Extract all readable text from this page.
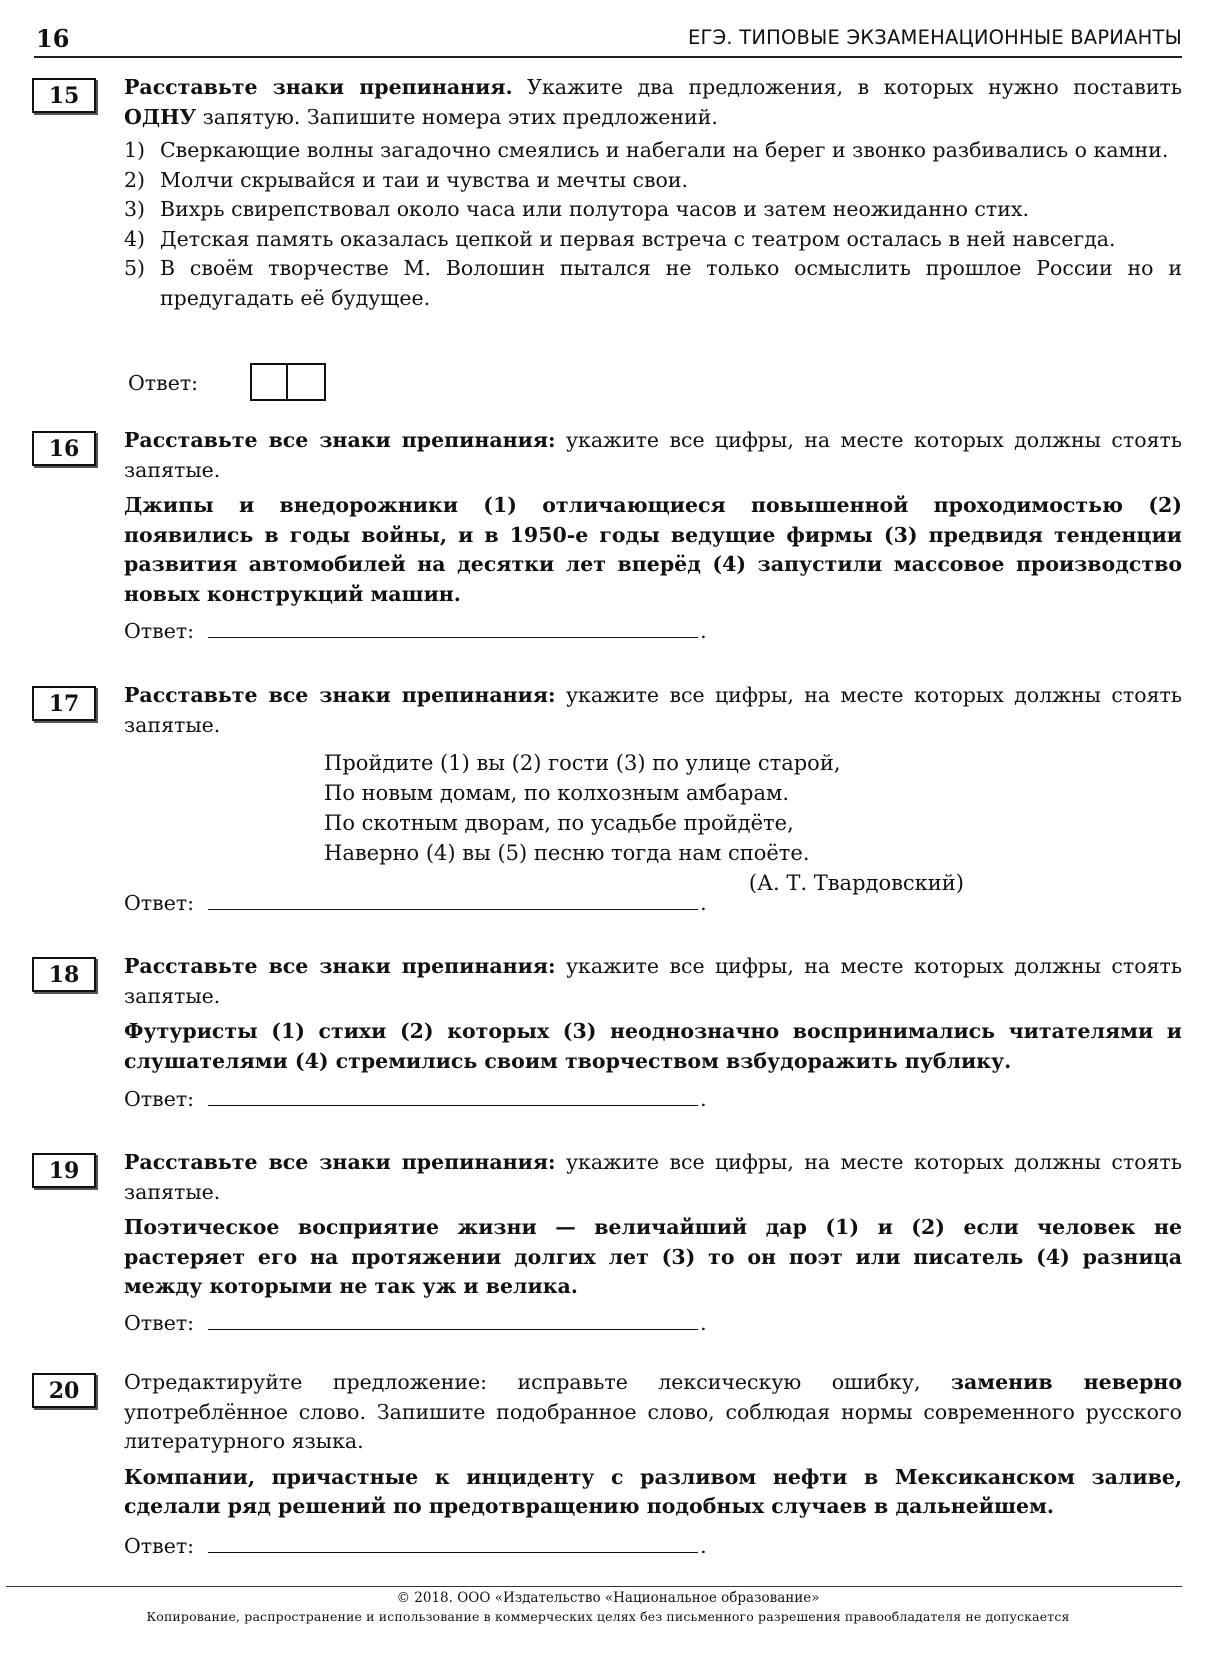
16	ЕГЭ. ТИПОВЫЕ ЭКЗАМЕНАЦИОННЫЕ ВАРИАНТЫ
15	Расставьте знаки препинания. Укажите два предложения, в которых нужно поставить ОДНУ запятую. Запишите номера этих предложений.

1) Сверкающие волны загадочно смеялись и набегали на берег и звонко разбивались о камни.
2) Молчи скрывайся и таи и чувства и мечты свои.
3) Вихрь свирепствовал около часа или полутора часов и затем неожиданно стих.
4) Детская память оказалась цепкой и первая встреча с театром осталась в ней навсегда.
5) В своём творчестве М. Волошин пытался не только осмыслить прошлое России но и предугадать её будущее.
Ответ:
16	Расставьте все знаки препинания: укажите все цифры, на месте которых должны стоять запятые.

Джипы и внедорожники (1) отличающиеся повышенной проходимостью (2) появились в годы войны, и в 1950-е годы ведущие фирмы (3) предвидя тенденции развития автомобилей на десятки лет вперёд (4) запустили массовое производство новых конструкций машин.

Ответ:	.
17	Расставьте все знаки препинания: укажите все цифры, на месте которых должны стоять запятые.

Пройдите (1) вы (2) гости (3) по улице старой,
По новым домам, по колхозным амбарам.
По скотным дворам, по усадьбе пройдёте,
Наверно (4) вы (5) песню тогда нам споёте.
(А. Т. Твардовский)
Ответ:	.
18	Расставьте все знаки препинания: укажите все цифры, на месте которых должны стоять запятые.

Футуристы (1) стихи (2) которых (3) неоднозначно воспринимались читателями и слушателями (4) стремились своим творчеством взбудоражить публику.

Ответ:	.
19	Расставьте все знаки препинания: укажите все цифры, на месте которых должны стоять запятые.

Поэтическое восприятие жизни — величайший дар (1) и (2) если человек не растеряет его на протяжении долгих лет (3) то он поэт или писатель (4) разница между которыми не так уж и велика.

Ответ:	.
20	Отредактируйте предложение: исправьте лексическую ошибку, заменив неверно употреблённое слово. Запишите подобранное слово, соблюдая нормы современного русского литературного языка.

Компании, причастные к инциденту с разливом нефти в Мексиканском заливе, сделали ряд решений по предотвращению подобных случаев в дальнейшем.

Ответ:	.
© 2018. ООО «Издательство «Национальное образование»
Копирование, распространение и использование в коммерческих целях без письменного разрешения правообладателя не допускается
